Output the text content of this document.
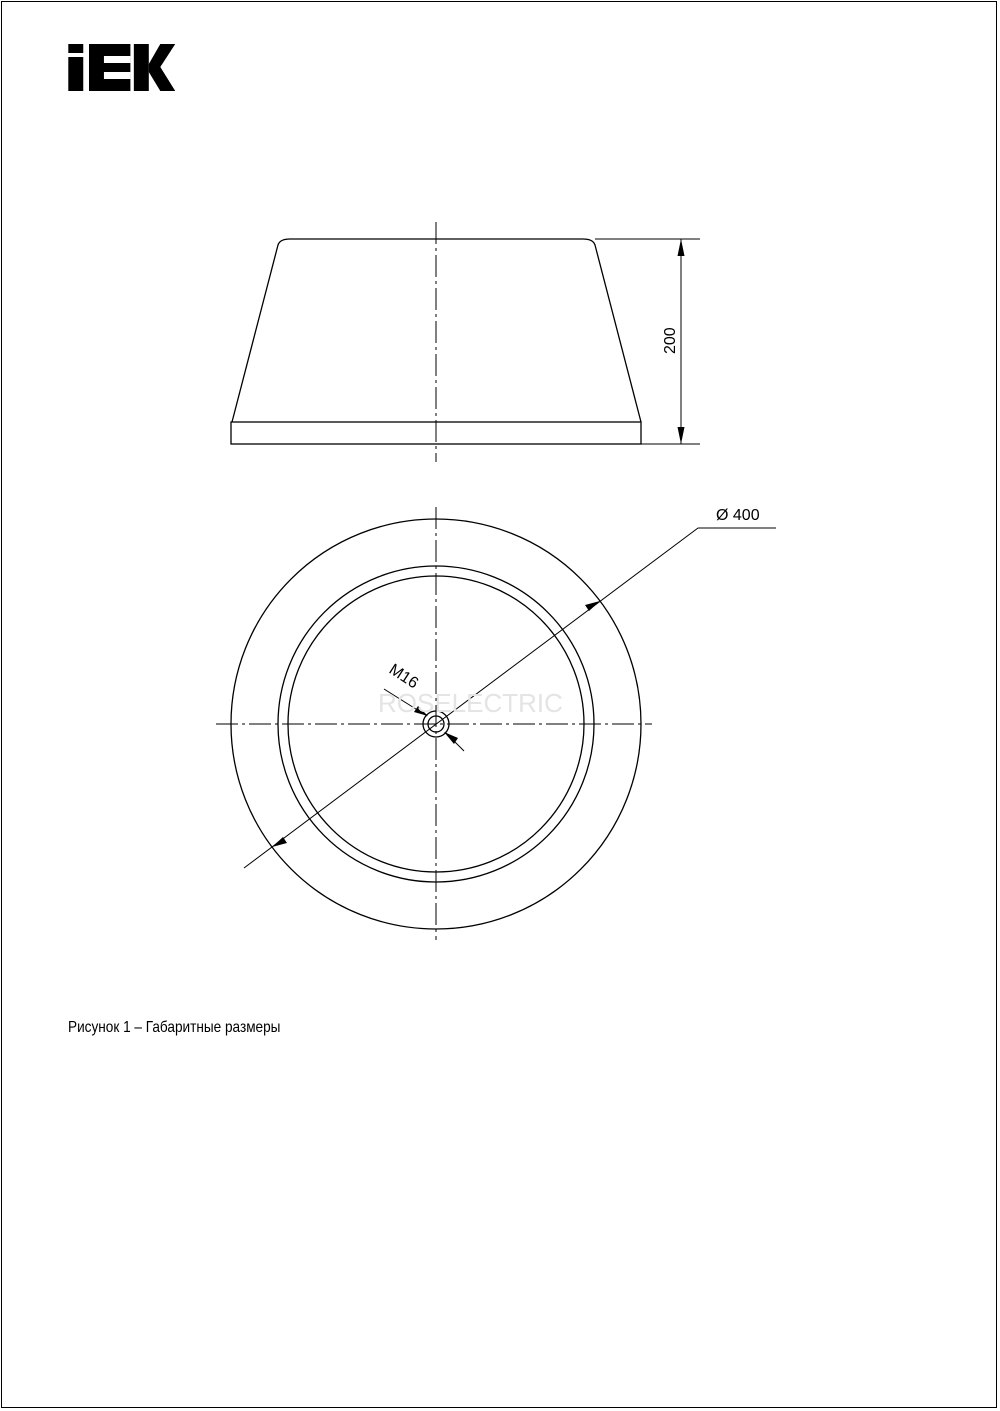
200
Ø 400
M16
ROSELECTRIC
Рисунок 1 – Габаритные размеры
